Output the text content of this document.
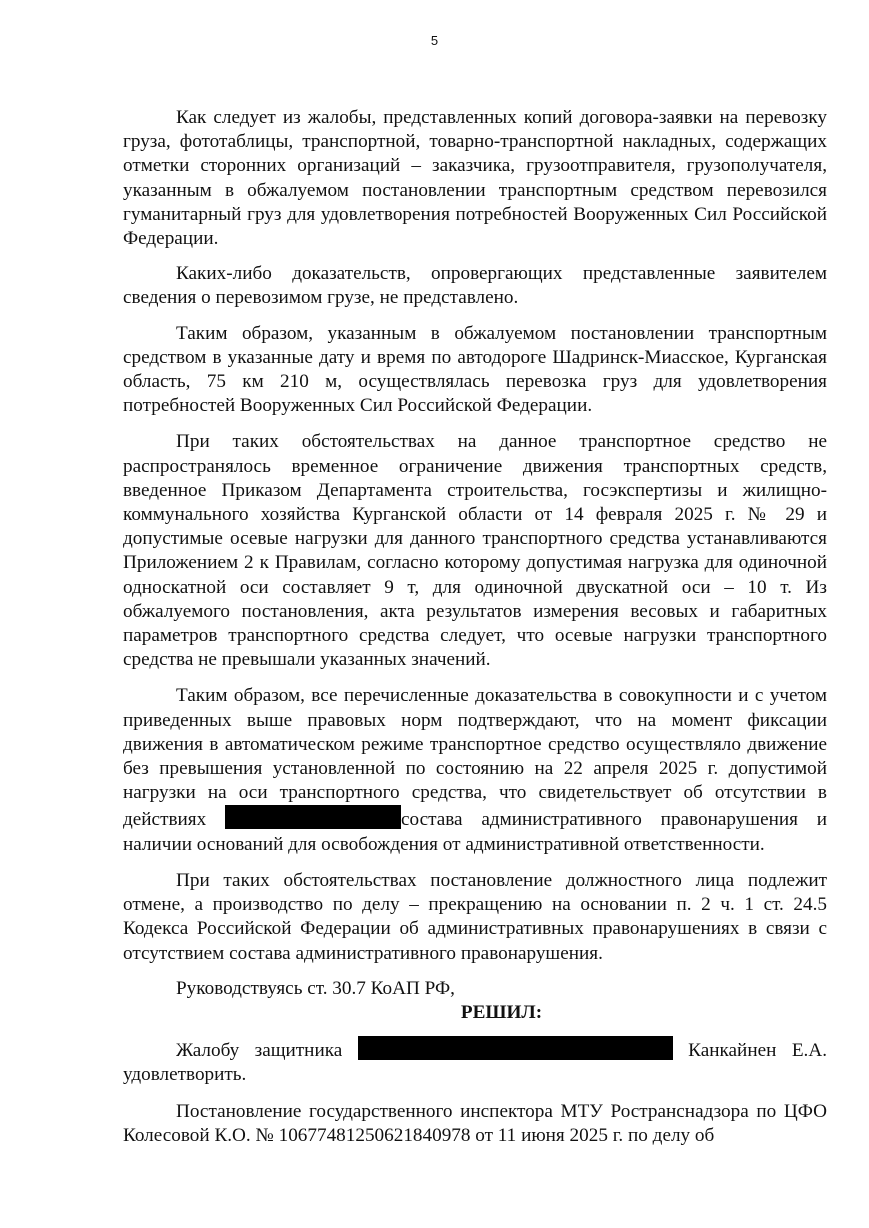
5

Как следует из жалобы, представленных копий договора-заявки на перевозку груза, фототаблицы, транспортной, товарно-транспортной накладных, содержащих отметки сторонних организаций – заказчика, грузоотправителя, грузополучателя, указанным в обжалуемом постановлении транспортным средством перевозился гуманитарный груз для удовлетворения потребностей Вооруженных Сил Российской Федерации.

Каких-либо доказательств, опровергающих представленные заявителем сведения о перевозимом грузе, не представлено.

Таким образом, указанным в обжалуемом постановлении транспортным средством в указанные дату и время по автодороге Шадринск-Миасское, Курганская область, 75 км 210 м, осуществлялась перевозка груз для удовлетворения потребностей Вооруженных Сил Российской Федерации.

При таких обстоятельствах на данное транспортное средство не распространялось временное ограничение движения транспортных средств, введенное Приказом Департамента строительства, госэкспертизы и жилищно-коммунального хозяйства Курганской области от 14 февраля 2025 г. № 29 и допустимые осевые нагрузки для данного транспортного средства устанавливаются Приложением 2 к Правилам, согласно которому допустимая нагрузка для одиночной односкатной оси составляет 9 т, для одиночной двускатной оси – 10 т. Из обжалуемого постановления, акта результатов измерения весовых и габаритных параметров транспортного средства следует, что осевые нагрузки транспортного средства не превышали указанных значений.

Таким образом, все перечисленные доказательства в совокупности и с учетом приведенных выше правовых норм подтверждают, что на момент фиксации движения в автоматическом режиме транспортное средство осуществляло движение без превышения установленной по состоянию на 22 апреля 2025 г. допустимой нагрузки на оси транспортного средства, что свидетельствует об отсутствии в действиях	состава административного правонарушения и наличии оснований для освобождения от административной ответственности.

При таких обстоятельствах постановление должностного лица подлежит отмене, а производство по делу – прекращению на основании п. 2 ч. 1 ст. 24.5 Кодекса Российской Федерации об административных правонарушениях в связи с отсутствием состава административного правонарушения.

Руководствуясь ст. 30.7 КоАП РФ,

РЕШИЛ:

Жалобу защитника	Канкайнен Е.А. удовлетворить.

Постановление государственного инспектора МТУ Ространснадзора по ЦФО Колесовой К.О. № 10677481250621840978 от 11 июня 2025 г. по делу об
